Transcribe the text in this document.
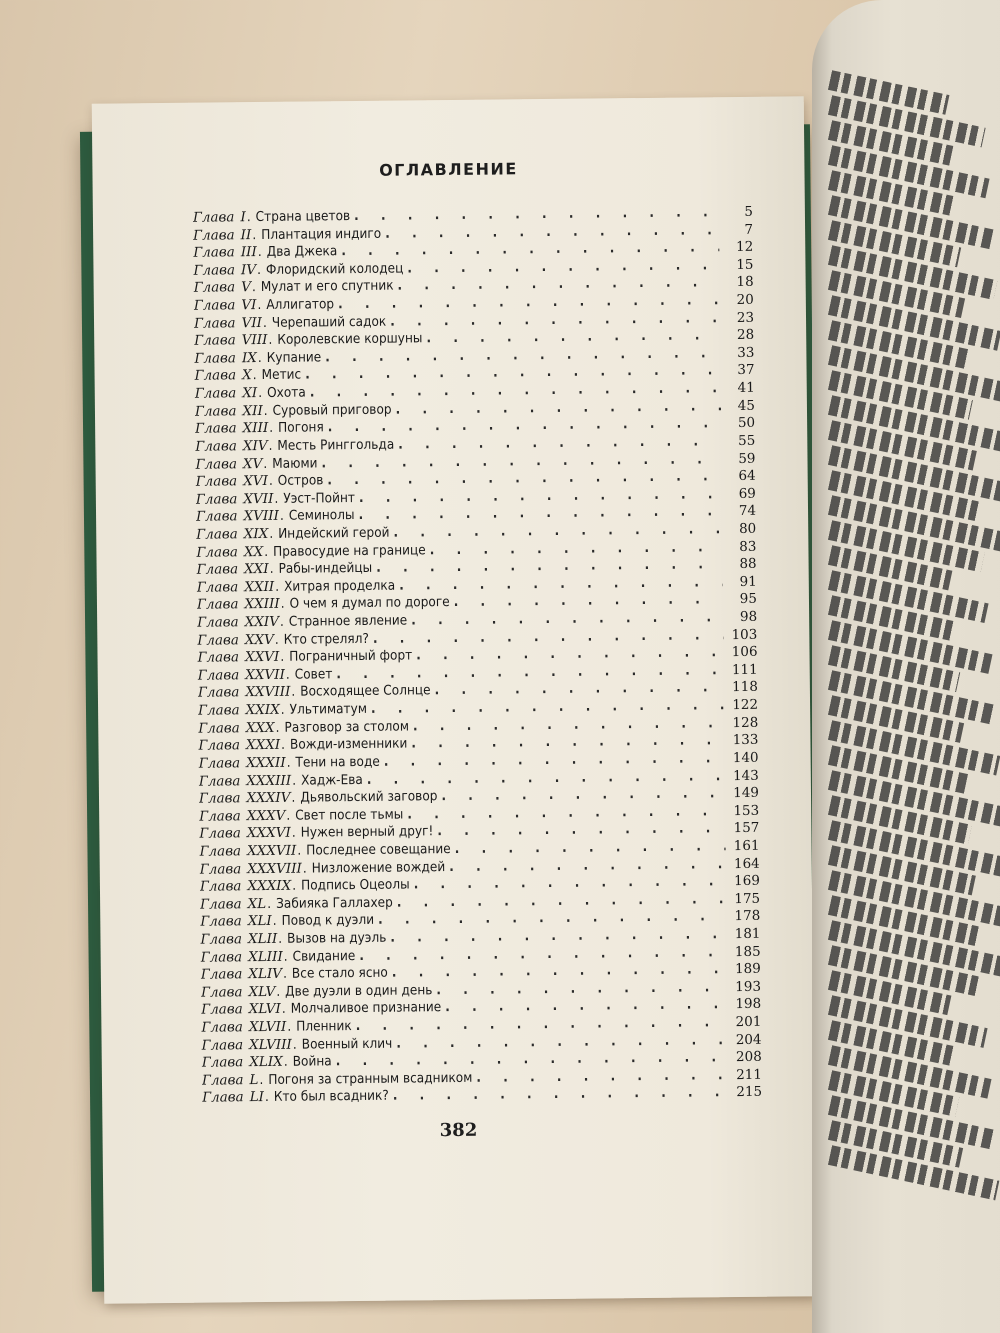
ОГЛАВЛЕНИЕ
Глава I . Страна цветов . . .	5
Глава II . Плантация индиго . . .	7
Глава III . Два Джека . . .	12
Глава IV . Флоридский колодец . . .	15
Глава V . Мулат и его спутник . . .	18
Глава VI . Аллигатор . . .	20
Глава VII . Черепаший садок . . .	23
Глава VIII . Королевские коршуны . . .	28
Глава IX . Купание . . .	33
Глава X . Метис . . .	37
Глава XI . Охота . . .	41
Глава XII . Суровый приговор . . .	45
Глава XIII . Погоня . . .	50
Глава XIV . Месть Ринггольда . . .	55
Глава XV . Маюми . . .	59
Глава XVI . Остров . . .	64
Глава XVII . Уэст-Пойнт . . .	69
Глава XVIII . Семинолы . . .	74
Глава XIX . Индейский герой . . .	80
Глава XX . Правосудие на границе . . .	83
Глава XXI . Рабы-индейцы . . .	88
Глава XXII . Хитрая проделка . . .	91
Глава XXIII . О чем я думал по дороге . . .	95
Глава XXIV . Странное явление . . .	98
Глава XXV . Кто стрелял? . . .	103
Глава XXVI . Пограничный форт . . .	106
Глава XXVII . Совет . . .	111
Глава XXVIII . Восходящее Солнце . . .	118
Глава XXIX . Ультиматум . . .	122
Глава XXX . Разговор за столом . . .	128
Глава XXXI . Вожди-изменники . . .	133
Глава XXXII . Тени на воде . . .	140
Глава XXXIII . Хадж-Ева . . .	143
Глава XXXIV . Дьявольский заговор . . .	149
Глава XXXV . Свет после тьмы . . .	153
Глава XXXVI . Нужен верный друг! . . .	157
Глава XXXVII . Последнее совещание . . .	161
Глава XXXVIII . Низложение вождей . . .	164
Глава XXXIX . Подпись Оцеолы . . .	169
Глава XL . Забияка Галлахер . . .	175
Глава XLI . Повод к дуэли . . .	178
Глава XLII . Вызов на дуэль . . .	181
Глава XLIII . Свидание . . .	185
Глава XLIV . Все стало ясно . . .	189
Глава XLV . Две дуэли в один день . . .	193
Глава XLVI . Молчаливое признание . . .	198
Глава XLVII . Пленник . . .	201
Глава XLVIII . Военный клич . . .	204
Глава XLIX . Война . . .	208
Глава L . Погоня за странным всадником . . .	211
Глава LI . Кто был всадник? . . .	215
382
